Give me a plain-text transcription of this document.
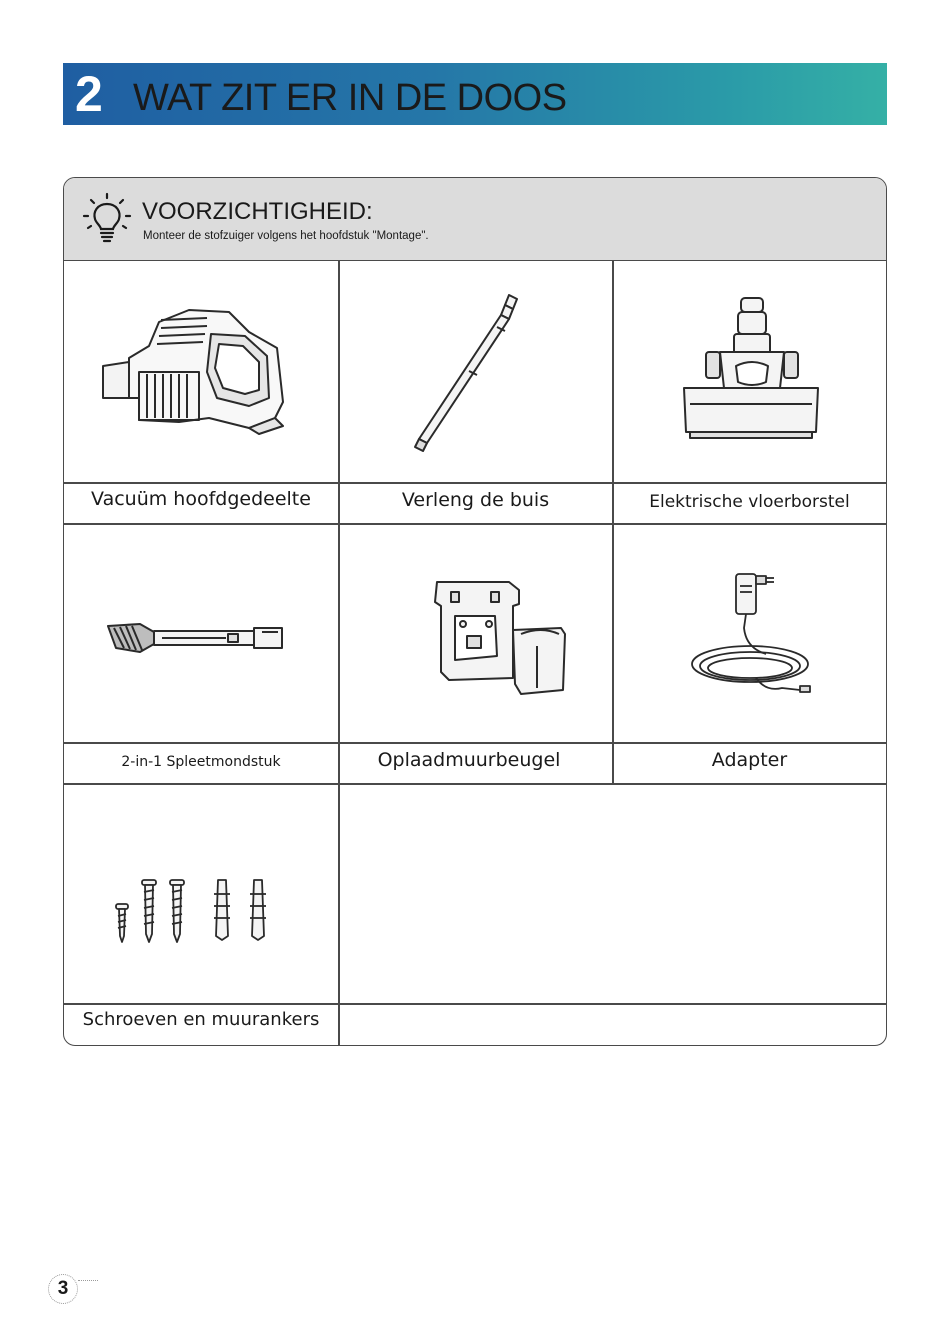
2 WAT ZIT ER IN DE DOOS
VOORZICHTIGHEID:
Monteer de stofzuiger volgens het hoofdstuk "Montage".
Vacuüm hoofdgedeelte	Verleng de buis	Elektrische vloerborstel
2-in-1 Spleetmondstuk	Oplaadmuurbeugel	Adapter
Schroeven en muurankers
3
